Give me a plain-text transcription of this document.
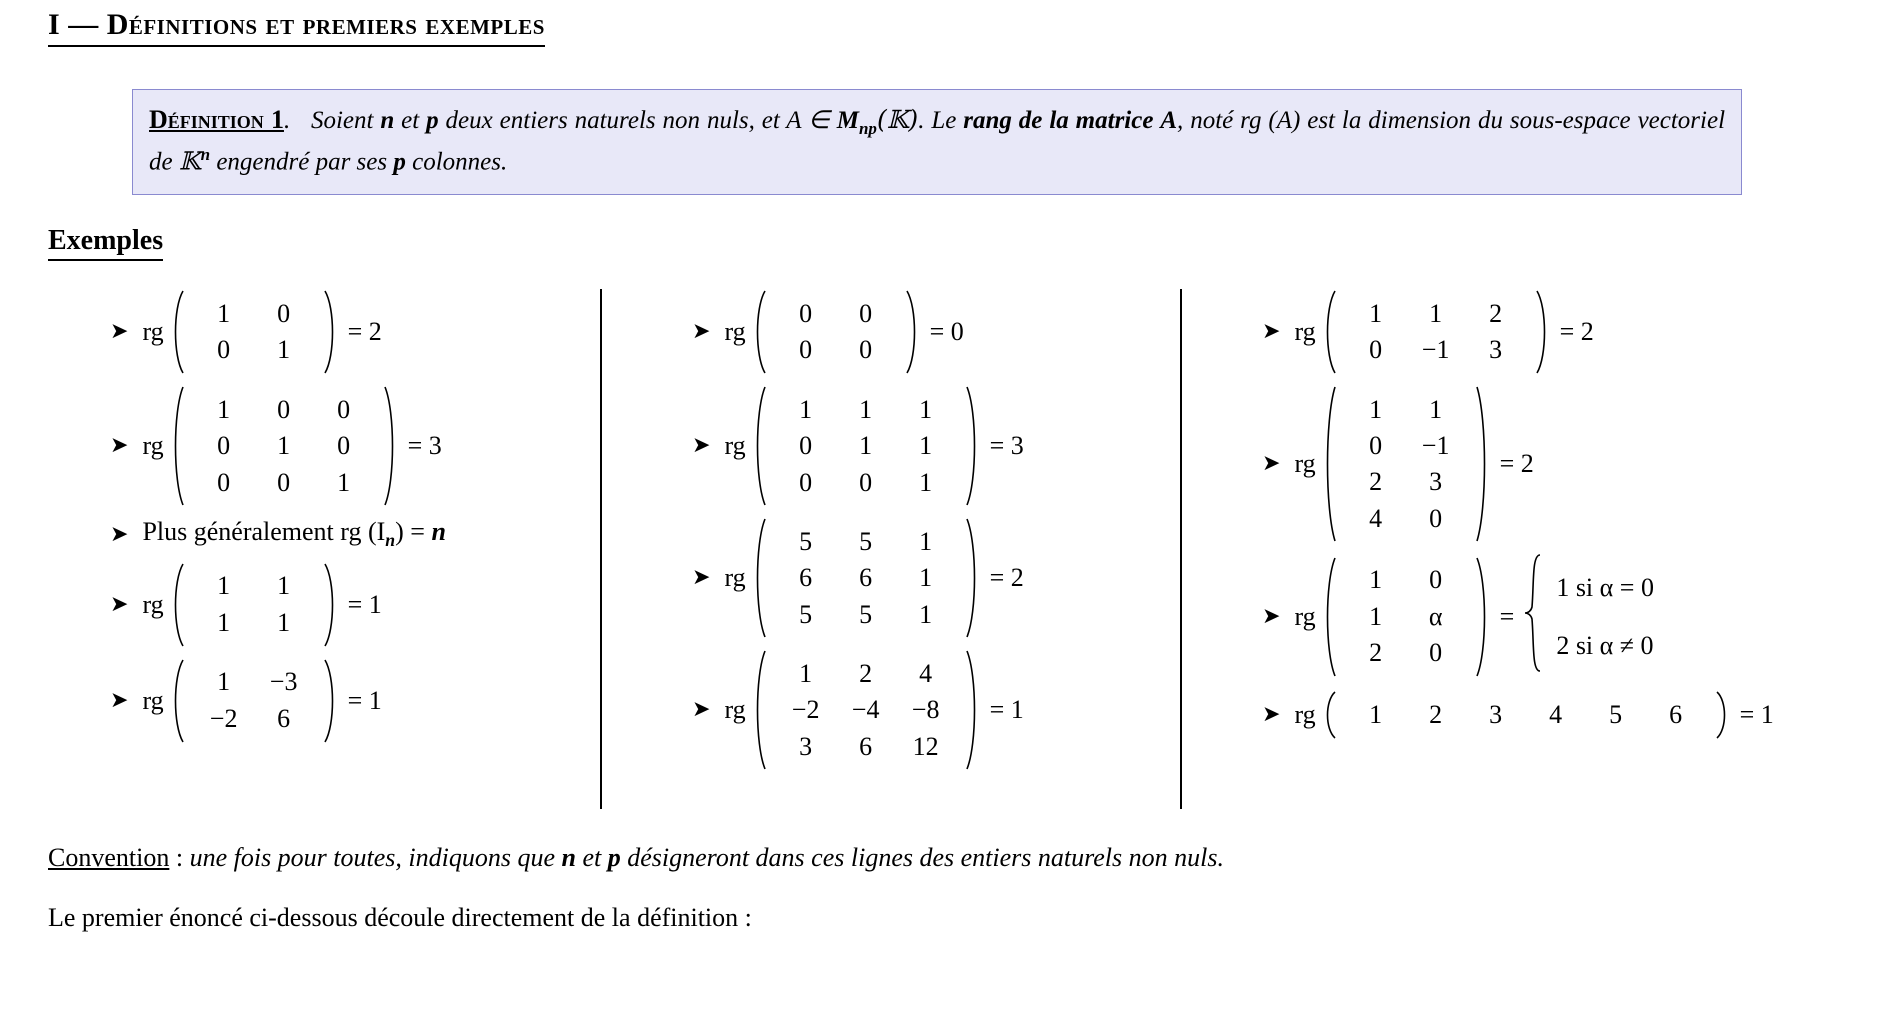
I — Définitions et premiers exemples
Définition 1. Soient n et p deux entiers naturels non nuls, et A ∈ $M_{np}(𝕂)$. Le rang de la matrice A, noté rg (A) est la dimension du sous-espace vectoriel de 𝕂$^n$ engendré par ses p colonnes.
Exemples
➤ rg
1	0
0	1
= 2
➤ rg
1	0	0
0	1	0
0	0	1
= 3
➤ Plus généralement rg $(I_n) = n$
➤ rg
1	1
1	1
= 1
➤ rg
1	−3
−2	6
= 1
➤ rg
0	0
0	0
= 0
➤ rg
1	1	1
0	1	1
0	0	1
= 3
➤ rg
5	5	1
6	6	1
5	5	1
= 2
➤ rg
1	2	4
−2	−4	−8
3	6	12
= 1
➤ rg
1	1	2
0	−1	3
= 2
➤ rg
1	1
0	−1
2	3
4	0
= 2
➤ rg
1	0
1	α
2	0
=
1 si α = 0
2 si α ≠ 0
➤ rg	1	2	3	4	5	6	= 1
Convention : une fois pour toutes, indiquons que n et p désigneront dans ces lignes des entiers naturels non nuls.
Le premier énoncé ci-dessous découle directement de la définition :
